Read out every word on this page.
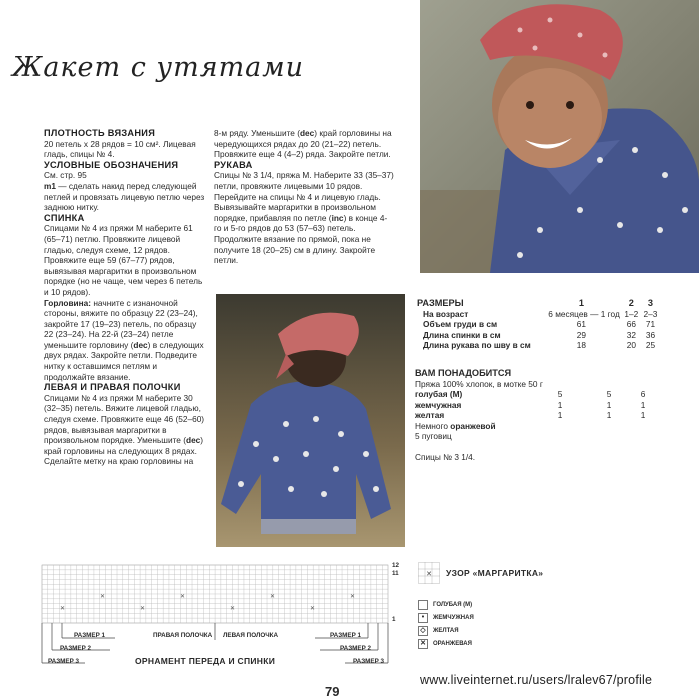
Жакет с утятами

ПЛОТНОСТЬ ВЯЗАНИЯ

20 петель х 28 рядов = 10 см². Лицевая гладь, спицы № 4.

УСЛОВНЫЕ ОБОЗНАЧЕНИЯ

См. стр. 95

m1 — сделать накид перед следующей петлей и провязать лицевую петлю через заднюю нитку.

СПИНКА

Спицами № 4 из пряжи М наберите 61 (65–71) петлю. Провяжите лицевой гладью, следуя схеме, 12 рядов. Провяжите еще 59 (67–77) рядов, вывязывая маргаритки в произвольном порядке (но не чаще, чем через 6 петель и 10 рядов).

Горловина: начните с изнаночной стороны, вяжите по образцу 22 (23–24), закройте 17 (19–23) петель, по образцу 22 (23–24). На 22-й (23–24) петле уменьшите горловину (dec) в следующих двух рядах. Закройте петли. Подведите нитку к оставшимся петлям и продолжайте вязание.

ЛЕВАЯ И ПРАВАЯ ПОЛОЧКИ

Спицами № 4 из пряжи М наберите 30 (32–35) петель. Вяжите лицевой гладью, следуя схеме. Провяжите еще 46 (52–60) рядов, вывязывая маргаритки в произвольном порядке. Уменьшите (dec) край горловины на следующих 8 рядах. Сделайте метку на краю горловины на

8-м ряду. Уменьшите (dec) край горловины на чередующихся рядах до 20 (21–22) петель. Провяжите еще 4 (4–2) ряда. Закройте петли.

РУКАВА

Спицы № 3 1/4, пряжа М. Наберите 33 (35–37) петли, провяжите лицевыми 10 рядов. Перейдите на спицы № 4 и лицевую гладь. Вывязывайте маргаритки в произвольном порядке, прибавляя по петле (inc) в конце 4-го и 5-го рядов до 53 (57–63) петель. Продолжите вязание по прямой, пока не получите 18 (20–25) см в длину. Закройте петли.

РАЗМЕРЫ	1	2	3
На возраст	6 месяцев — 1 год	1–2	2–3
Объем груди в см	61	66	71
Длина спинки в см	29	32	36
Длина рукава по шву в см	18	20	25
ВАМ ПОНАДОБИТСЯ
Пряжа 100% хлопок, в мотке 50 г
голубая (М)	5	5	6
жемчужная	1	1	1
желтая	1	1	1
Немного оранжевой
5 пуговиц
Спицы № 3 1/4.
✕
✕
✕
✕
✕
✕
✕
✕
РАЗМЕР 1
РАЗМЕР 2
РАЗМЕР 3
ПРАВАЯ ПОЛОЧКА ЛЕВАЯ ПОЛОЧКА	РАЗМЕР 1
РАЗМЕР 2
РАЗМЕР 3
12
11
1
ОРНАМЕНТ ПЕРЕДА И СПИНКИ
✕ УЗОР «МАРГАРИТКА»
ГОЛУБАЯ (М)
•	ЖЕМЧУЖНАЯ
◇	ЖЕЛТАЯ
✕	ОРАНЖЕВАЯ
79
www.liveinternet.ru/users/lralev67/profile
